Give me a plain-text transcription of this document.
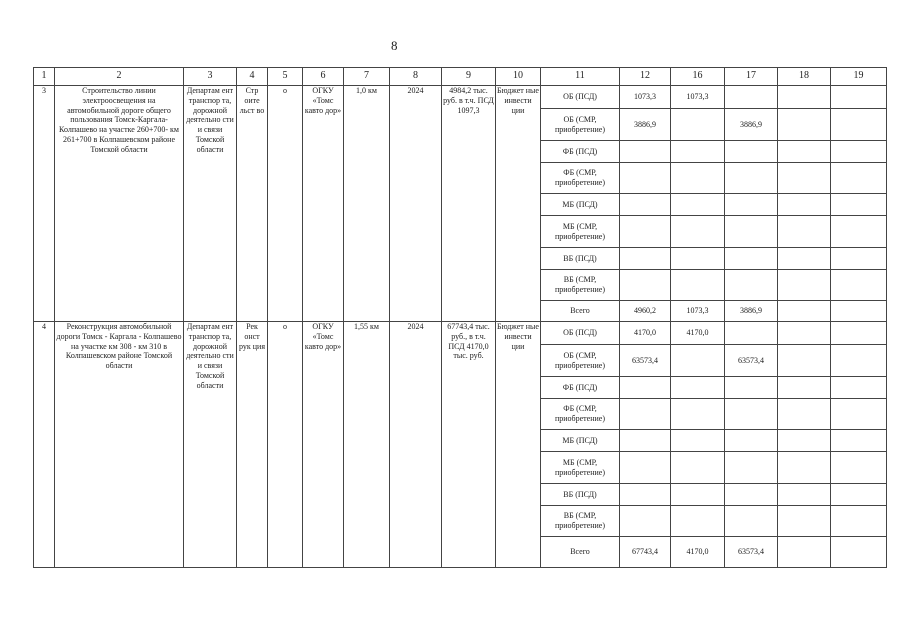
8
1	2	3	4	5	6	7	8	9	10	11	12	16	17	18	19
3	Строительство линии электроосвещения на автомобильной дороге общего пользования Томск-Каргала-Колпашево на участке 260+700- км 261+700 в Колпашевском районе Томской области	Департам ент транспор та, дорожной деятельно сти и связи Томской области	Стр оите льст во	о	ОГКУ «Томс кавто дор»	1,0 км	2024	4984,2 тыс. руб. в т.ч. ПСД 1097,3	Бюджет ные инвести ции	ОБ (ПСД)	1073,3	1073,3			
										ОБ (СМР, приобретение)	3886,9		3886,9		
										ФБ (ПСД)					
										ФБ (СМР, приобретение)					
										МБ (ПСД)					
										МБ (СМР, приобретение)					
										ВБ (ПСД)					
										ВБ (СМР, приобретение)					
										Всего	4960,2	1073,3	3886,9		
4	Реконструкция автомобильной дороги Томск - Каргала - Колпашево на участке км 308 - км 310 в Колпашевском районе Томской области	Департам ент транспор та, дорожной деятельно сти и связи Томской области	Рек онст рук ция	о	ОГКУ «Томс кавто дор»	1,55 км	2024	67743,4 тыс. руб., в т.ч. ПСД 4170,0 тыс. руб.	Бюджет ные инвести ции	ОБ (ПСД)	4170,0	4170,0			
										ОБ (СМР, приобретение)	63573,4		63573,4		
										ФБ (ПСД)					
										ФБ (СМР, приобретение)					
										МБ (ПСД)					
										МБ (СМР, приобретение)					
										ВБ (ПСД)					
										ВБ (СМР, приобретение)					
										Всего	67743,4	4170,0	63573,4		
